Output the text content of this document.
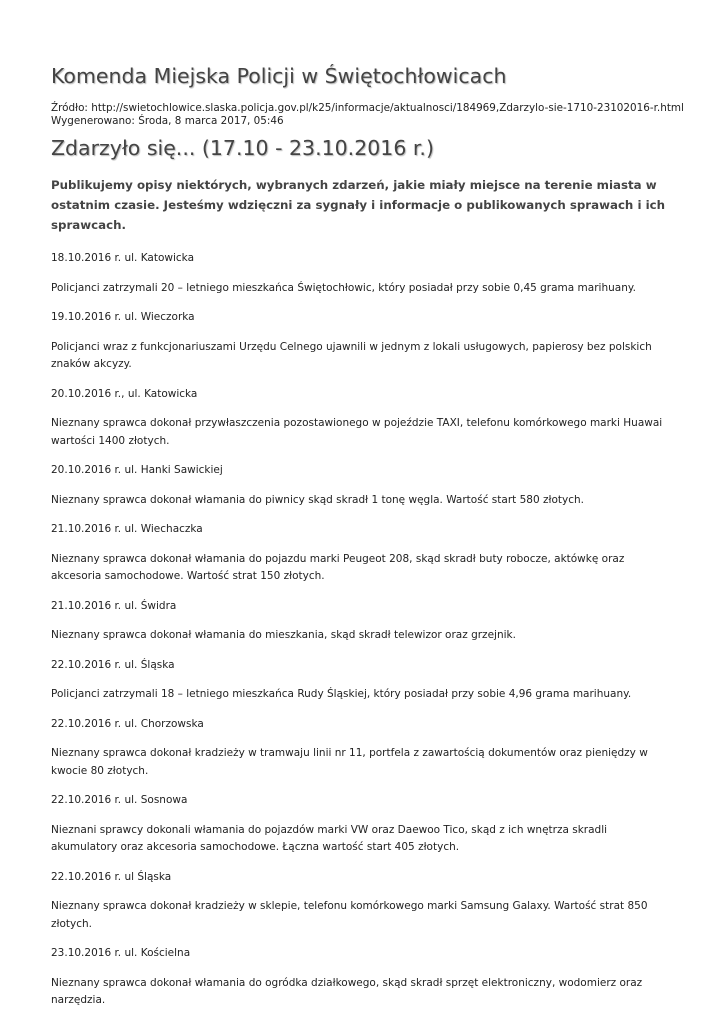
Komenda Miejska Policji w Świętochłowicach
Źródło: http://swietochlowice.slaska.policja.gov.pl/k25/informacje/aktualnosci/184969,Zdarzylo-sie-1710-23102016-r.html
Wygenerowano: Środa, 8 marca 2017, 05:46
Zdarzyło się... (17.10 - 23.10.2016 r.)

Publikujemy opisy niektórych, wybranych zdarzeń, jakie miały miejsce na terenie miasta w ostatnim czasie. Jesteśmy wdzięczni za sygnały i informacje o publikowanych sprawach i ich sprawcach.

18.10.2016 r. ul. Katowicka

Policjanci zatrzymali 20 – letniego mieszkańca Świętochłowic, który posiadał przy sobie 0,45 grama marihuany.

19.10.2016 r. ul. Wieczorka

Policjanci wraz z funkcjonariuszami Urzędu Celnego ujawnili w jednym z lokali usługowych, papierosy bez polskich znaków akcyzy.

20.10.2016 r., ul. Katowicka

Nieznany sprawca dokonał przywłaszczenia pozostawionego w pojeździe TAXI, telefonu komórkowego marki Huawai wartości 1400 złotych.

20.10.2016 r. ul. Hanki Sawickiej

Nieznany sprawca dokonał włamania do piwnicy skąd skradł 1 tonę węgla. Wartość start 580 złotych.

21.10.2016 r. ul. Wiechaczka

Nieznany sprawca dokonał włamania do pojazdu marki Peugeot 208, skąd skradł buty robocze, aktówkę oraz akcesoria samochodowe. Wartość strat 150 złotych.

21.10.2016 r. ul. Świdra

Nieznany sprawca dokonał włamania do mieszkania, skąd skradł telewizor oraz grzejnik.

22.10.2016 r. ul. Śląska

Policjanci zatrzymali 18 – letniego mieszkańca Rudy Śląskiej, który posiadał przy sobie 4,96 grama marihuany.

22.10.2016 r. ul. Chorzowska

Nieznany sprawca dokonał kradzieży w tramwaju linii nr 11, portfela z zawartością dokumentów oraz pieniędzy w kwocie 80 złotych.

22.10.2016 r. ul. Sosnowa

Nieznani sprawcy dokonali włamania do pojazdów marki VW oraz Daewoo Tico, skąd z ich wnętrza skradli akumulatory oraz akcesoria samochodowe. Łączna wartość start 405 złotych.

22.10.2016 r. ul Śląska

Nieznany sprawca dokonał kradzieży w sklepie, telefonu komórkowego marki Samsung Galaxy. Wartość strat 850 złotych.

23.10.2016 r. ul. Kościelna

Nieznany sprawca dokonał włamania do ogródka działkowego, skąd skradł sprzęt elektroniczny, wodomierz oraz narzędzia.
